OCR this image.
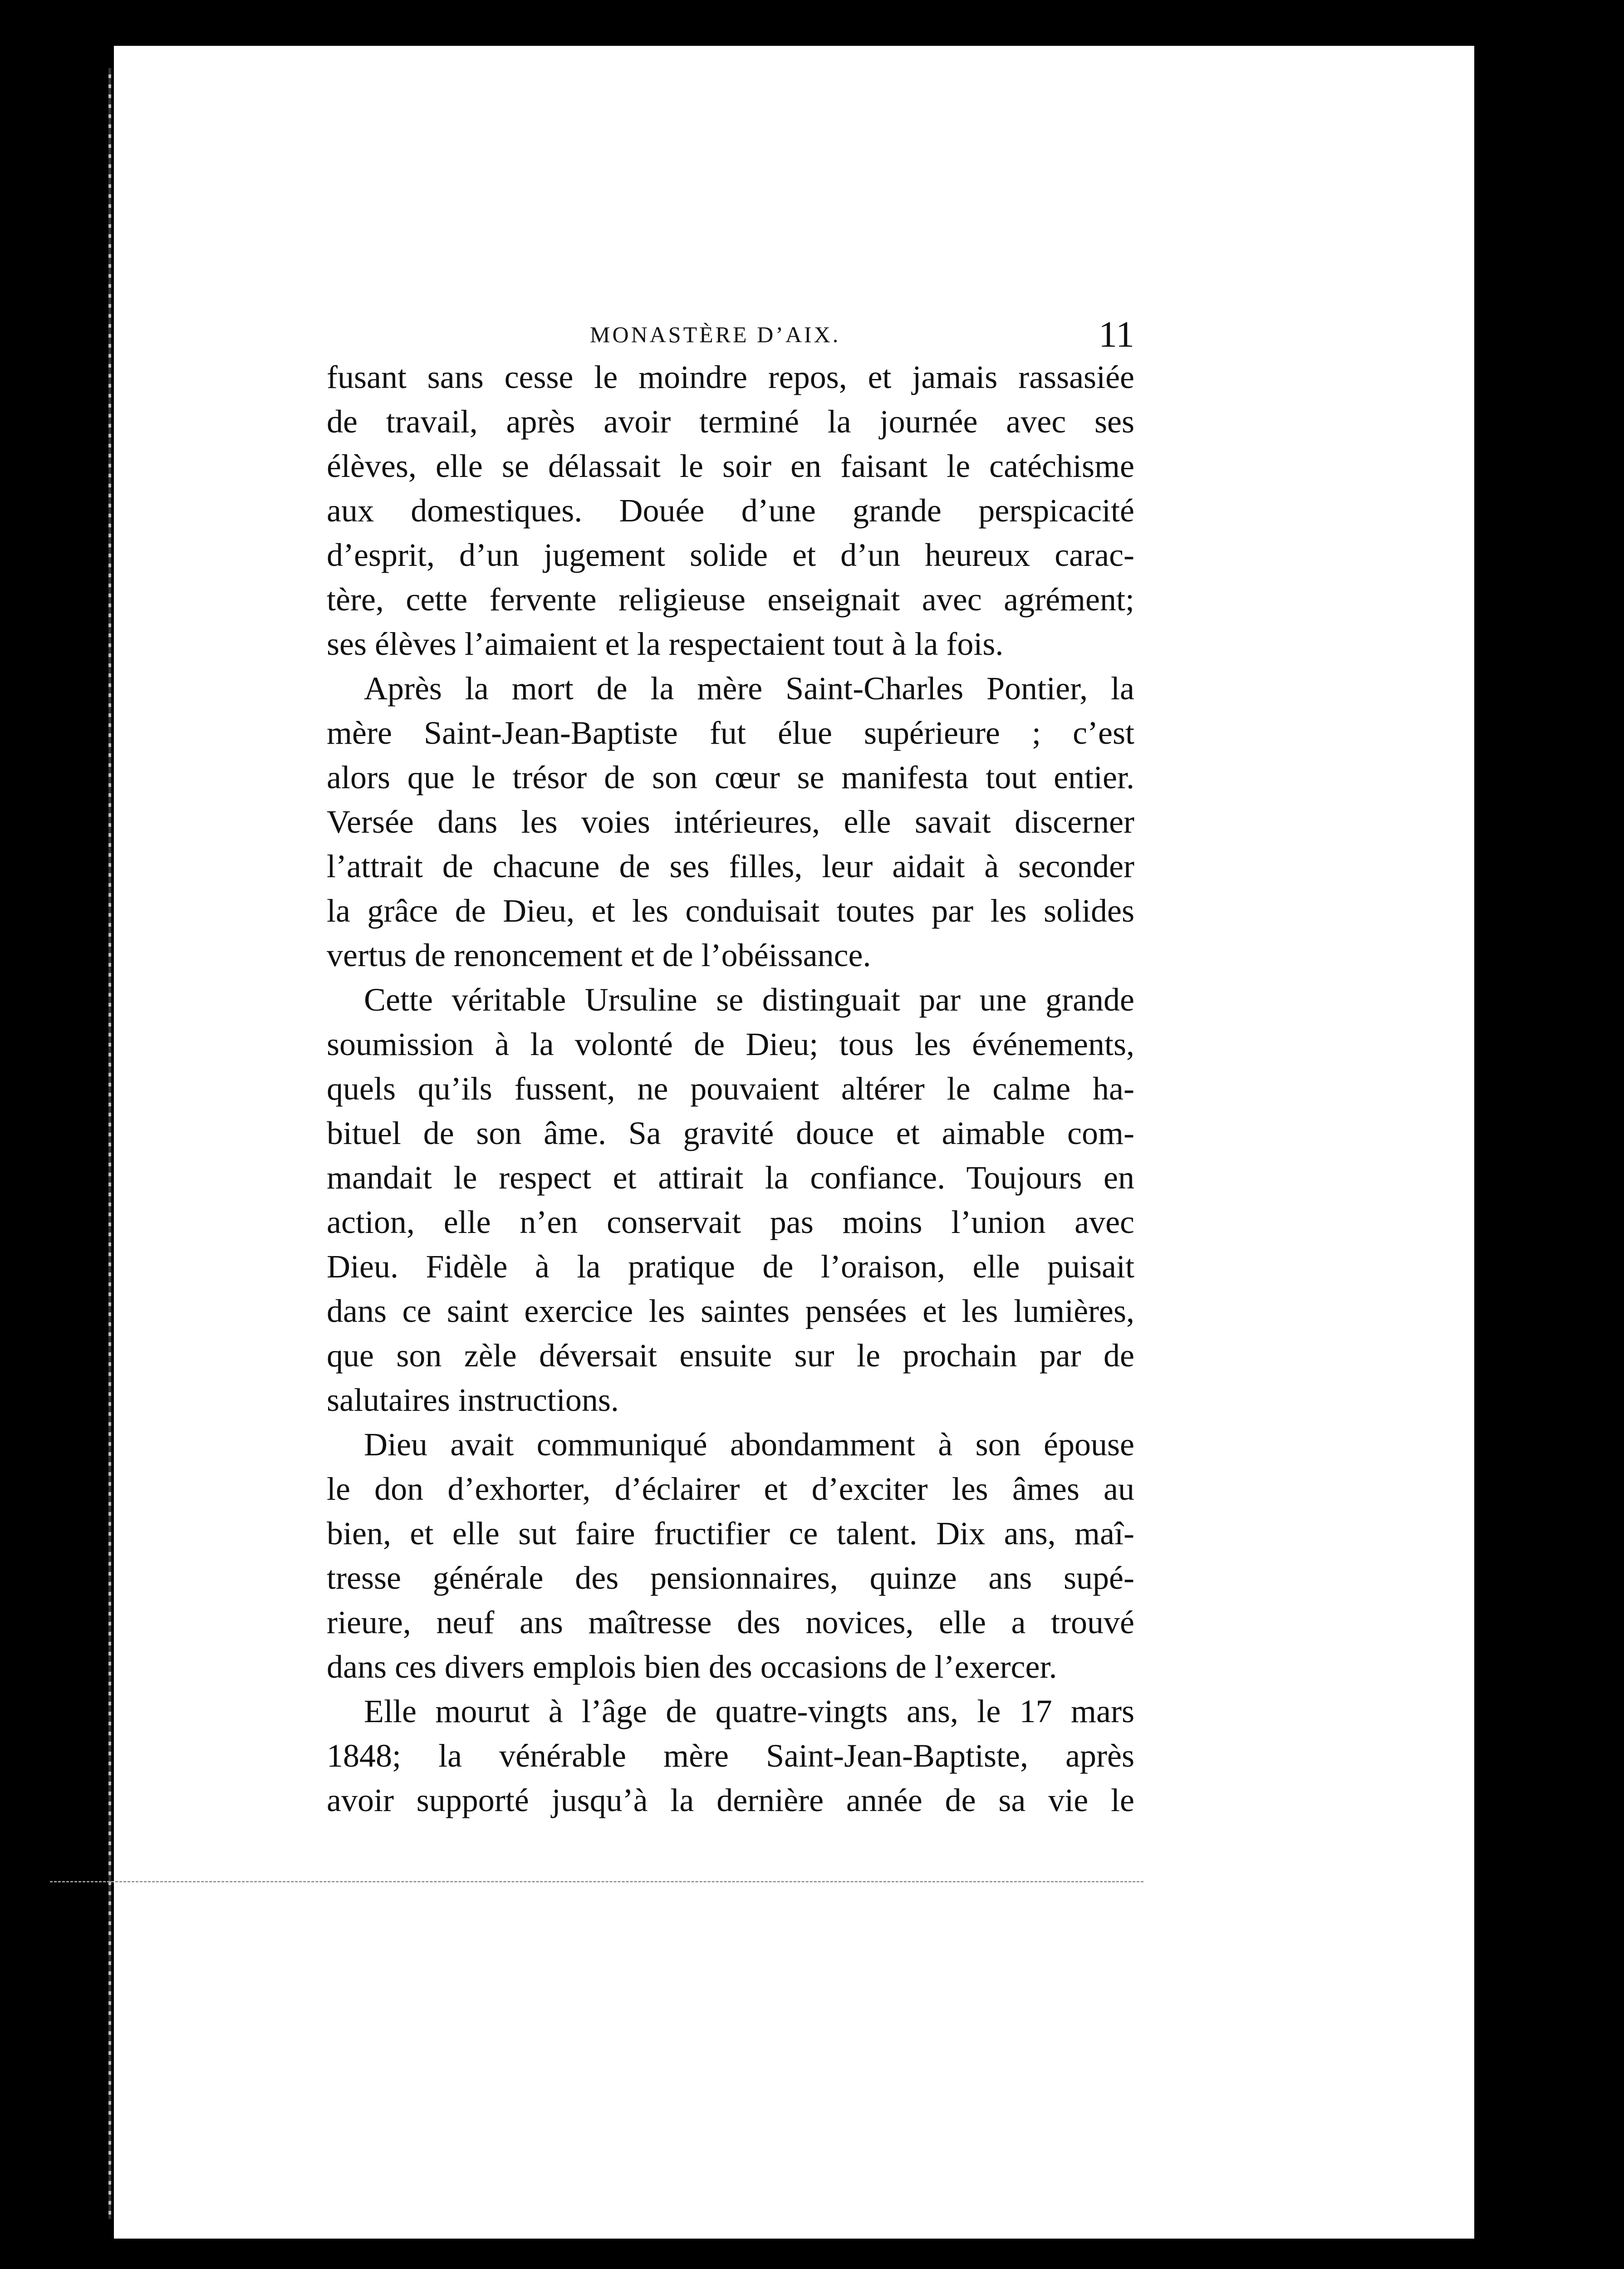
MONASTÈRE D’AIX.	11
fusant sans cesse le moindre repos, et jamais rassasiée
de travail, après avoir terminé la journée avec ses
élèves, elle se délassait le soir en faisant le catéchisme
aux domestiques. Douée d’une grande perspicacité
d’esprit, d’un jugement solide et d’un heureux carac-
tère, cette fervente religieuse enseignait avec agrément;
ses élèves l’aimaient et la respectaient tout à la fois.
Après la mort de la mère Saint-Charles Pontier, la
mère Saint-Jean-Baptiste fut élue supérieure ; c’est
alors que le trésor de son cœur se manifesta tout entier.
Versée dans les voies intérieures, elle savait discerner
l’attrait de chacune de ses filles, leur aidait à seconder
la grâce de Dieu, et les conduisait toutes par les solides
vertus de renoncement et de l’obéissance.
Cette véritable Ursuline se distinguait par une grande
soumission à la volonté de Dieu; tous les événements,
quels qu’ils fussent, ne pouvaient altérer le calme ha-
bituel de son âme. Sa gravité douce et aimable com-
mandait le respect et attirait la confiance. Toujours en
action, elle n’en conservait pas moins l’union avec
Dieu. Fidèle à la pratique de l’oraison, elle puisait
dans ce saint exercice les saintes pensées et les lumières,
que son zèle déversait ensuite sur le prochain par de
salutaires instructions.
Dieu avait communiqué abondamment à son épouse
le don d’exhorter, d’éclairer et d’exciter les âmes au
bien, et elle sut faire fructifier ce talent. Dix ans, maî-
tresse générale des pensionnaires, quinze ans supé-
rieure, neuf ans maîtresse des novices, elle a trouvé
dans ces divers emplois bien des occasions de l’exercer.
Elle mourut à l’âge de quatre-vingts ans, le 17 mars
1848; la vénérable mère Saint-Jean-Baptiste, après
avoir supporté jusqu’à la dernière année de sa vie le
